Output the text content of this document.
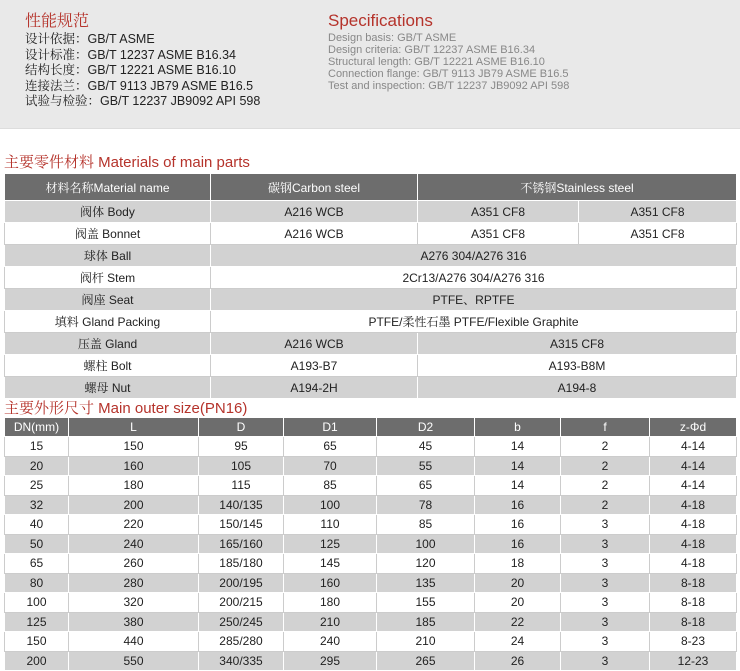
性能规范
设计依据：GB/T ASME
设计标准：GB/T 12237 ASME B16.34
结构长度：GB/T 12221 ASME B16.10
连接法兰：GB/T 9113 JB79 ASME B16.5
试验与检验：GB/T 12237 JB9092 API 598
Specifications
Design basis: GB/T ASME
Design criteria: GB/T 12237 ASME B16.34
Structural length: GB/T 12221 ASME B16.10
Connection flange: GB/T 9113 JB79 ASME B16.5
Test and inspection: GB/T 12237 JB9092 API 598
主要零件材料 Materials of main parts
材料名称Material name	碳钢Carbon steel	不锈钢Stainless steel	
阀体 Body	A216 WCB	A351 CF8	A351 CF8
阀盖 Bonnet	A216 WCB	A351 CF8	A351 CF8
球体 Ball	A276 304/A276 316		
阀杆 Stem	2Cr13/A276 304/A276 316		
阀座 Seat	PTFE、RPTFE		
填料 Gland Packing	PTFE/柔性石墨 PTFE/Flexible Graphite		
压盖 Gland	A216 WCB	A315 CF8	
螺柱 Bolt	A193-B7	A193-B8M	
螺母 Nut	A194-2H	A194-8	
主要外形尺寸 Main outer size(PN16)
DN(mm)	L	D	D1	D2	b	f	z-Φd
15	150	95	65	45	14	2	4-14
20	160	105	70	55	14	2	4-14
25	180	115	85	65	14	2	4-14
32	200	140/135	100	78	16	2	4-18
40	220	150/145	110	85	16	3	4-18
50	240	165/160	125	100	16	3	4-18
65	260	185/180	145	120	18	3	4-18
80	280	200/195	160	135	20	3	8-18
100	320	200/215	180	155	20	3	8-18
125	380	250/245	210	185	22	3	8-18
150	440	285/280	240	210	24	3	8-23
200	550	340/335	295	265	26	3	12-23
